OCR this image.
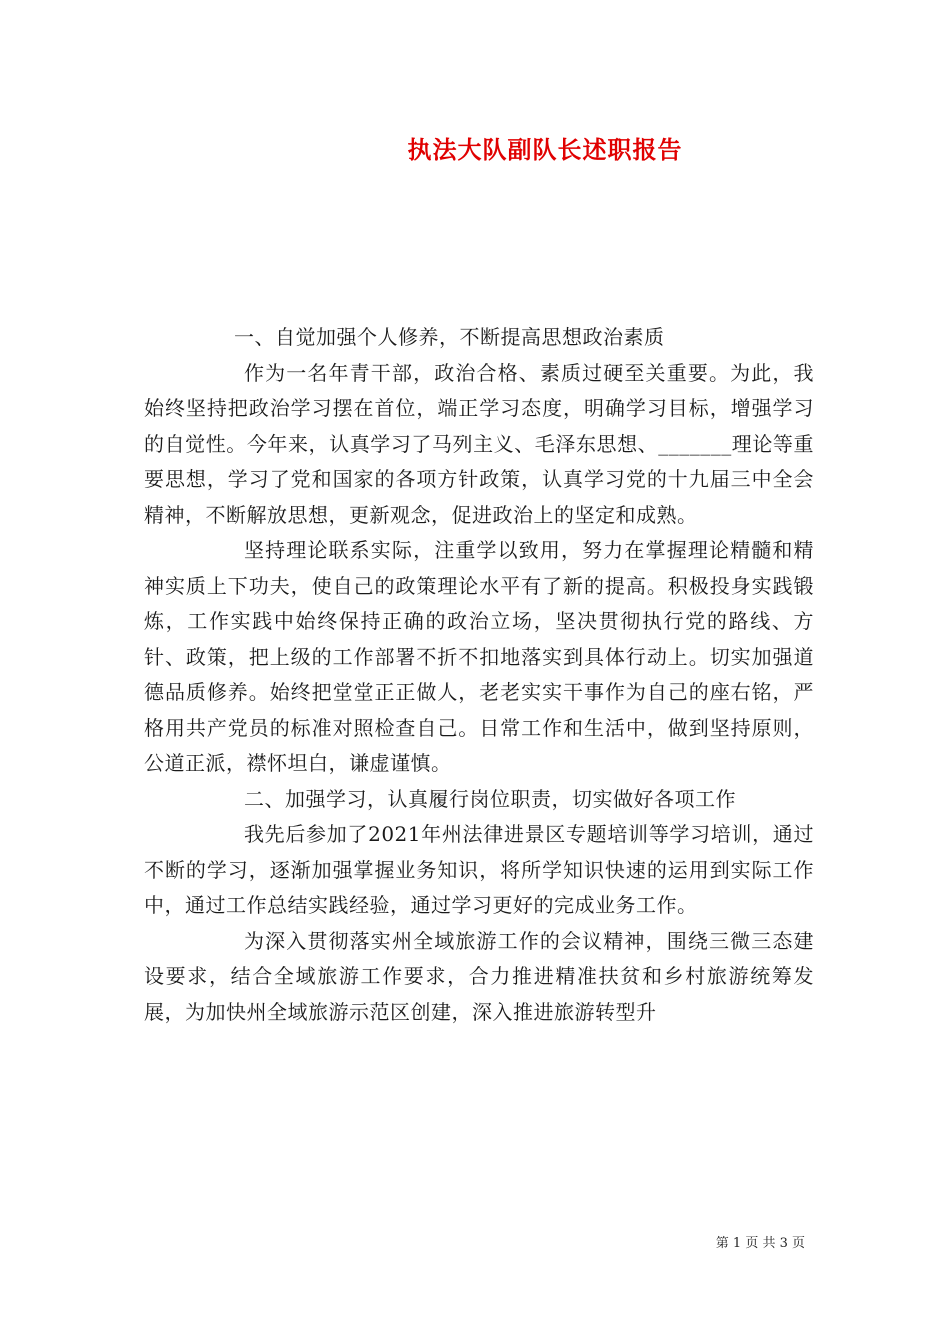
执法大队副队长述职报告

一、自觉加强个人修养，不断提高思想政治素质

作为一名年青干部，政治合格、素质过硬至关重要。为此，我始终坚持把政治学习摆在首位，端正学习态度，明确学习目标，增强学习的自觉性。今年来，认真学习了马列主义、毛泽东思想、_______理论等重要思想，学习了党和国家的各项方针政策，认真学习党的十九届三中全会精神，不断解放思想，更新观念，促进政治上的坚定和成熟。

坚持理论联系实际，注重学以致用，努力在掌握理论精髓和精神实质上下功夫，使自己的政策理论水平有了新的提高。积极投身实践锻炼，工作实践中始终保持正确的政治立场，坚决贯彻执行党的路线、方针、政策，把上级的工作部署不折不扣地落实到具体行动上。切实加强道德品质修养。始终把堂堂正正做人，老老实实干事作为自己的座右铭，严格用共产党员的标准对照检查自己。日常工作和生活中，做到坚持原则，公道正派，襟怀坦白，谦虚谨慎。

二、加强学习，认真履行岗位职责，切实做好各项工作

我先后参加了2021年州法律进景区专题培训等学习培训，通过不断的学习，逐渐加强掌握业务知识，将所学知识快速的运用到实际工作中，通过工作总结实践经验，通过学习更好的完成业务工作。

为深入贯彻落实州全域旅游工作的会议精神，围绕三微三态建设要求，结合全域旅游工作要求，合力推进精准扶贫和乡村旅游统筹发展，为加快州全域旅游示范区创建，深入推进旅游转型升

第 1 页 共 3 页
